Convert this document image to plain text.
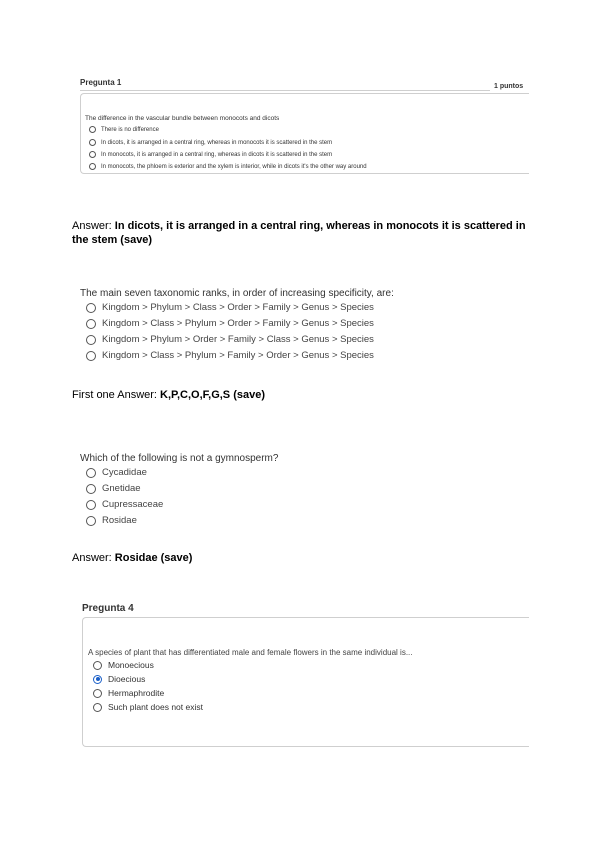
Pregunta 1	1 puntos
The difference in the vascular bundle between monocots and dicots
There is no difference
In dicots, it is arranged in a central ring, whereas in monocots it is scattered in the stem
In monocots, it is arranged in a central ring, whereas in dicots it is scattered in the stem
In monocots, the phloem is exterior and the xylem is interior, while in dicots it's the other way around
Answer: In dicots, it is arranged in a central ring, whereas in monocots it is scattered in the stem (save)
The main seven taxonomic ranks, in order of increasing specificity, are:
Kingdom > Phylum > Class > Order > Family > Genus > Species
Kingdom > Class > Phylum > Order > Family > Genus > Species
Kingdom > Phylum > Order > Family > Class > Genus > Species
Kingdom > Class > Phylum > Family > Order > Genus > Species
First one Answer: K,P,C,O,F,G,S (save)
Which of the following is not a gymnosperm?
Cycadidae
Gnetidae
Cupressaceae
Rosidae
Answer: Rosidae (save)
Pregunta 4
A species of plant that has differentiated male and female flowers in the same individual is...
Monoecious
Dioecious
Hermaphrodite
Such plant does not exist
